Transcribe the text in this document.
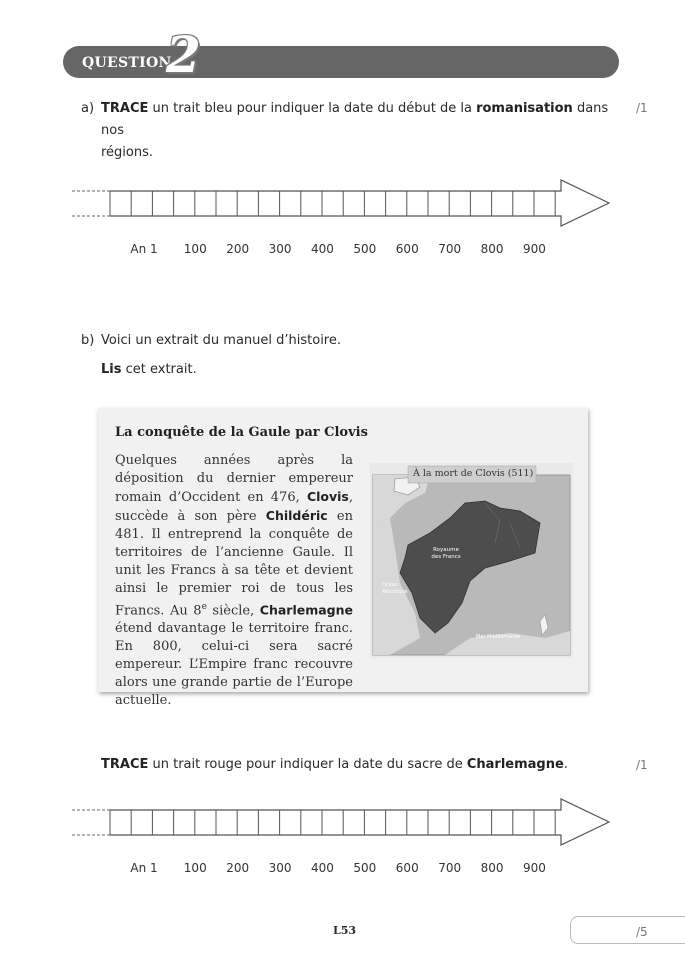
QUESTION
2
a) TRACE un trait bleu pour indiquer la date du début de la romanisation dans nos
régions.
/1
An 1 100 200 300 400 500 600 700 800 900
b) Voici un extrait du manuel d’histoire.
Lis cet extrait.
La conquête de la Gaule par Clovis
Quelques années après la déposition du dernier empereur romain d’Occident en 476, Clovis, succède à son père Childéric en 481. Il entreprend la conquête de territoires de l’ancienne Gaule. Il unit les Francs à sa tête et devient ainsi le premier roi de tous les Francs. Au 8e siècle, Charlemagne étend davantage le territoire franc. En 800, celui-ci sera sacré empereur. L’Empire franc recouvre alors une grande partie de l’Europe actuelle.
À la mort de Clovis (511)
Royaume des Francs
Océan Atlantique
Mer Méditerranée
TRACE un trait rouge pour indiquer la date du sacre de Charlemagne.	/1
An 1 100 200 300 400 500 600 700 800 900
L53	/5
